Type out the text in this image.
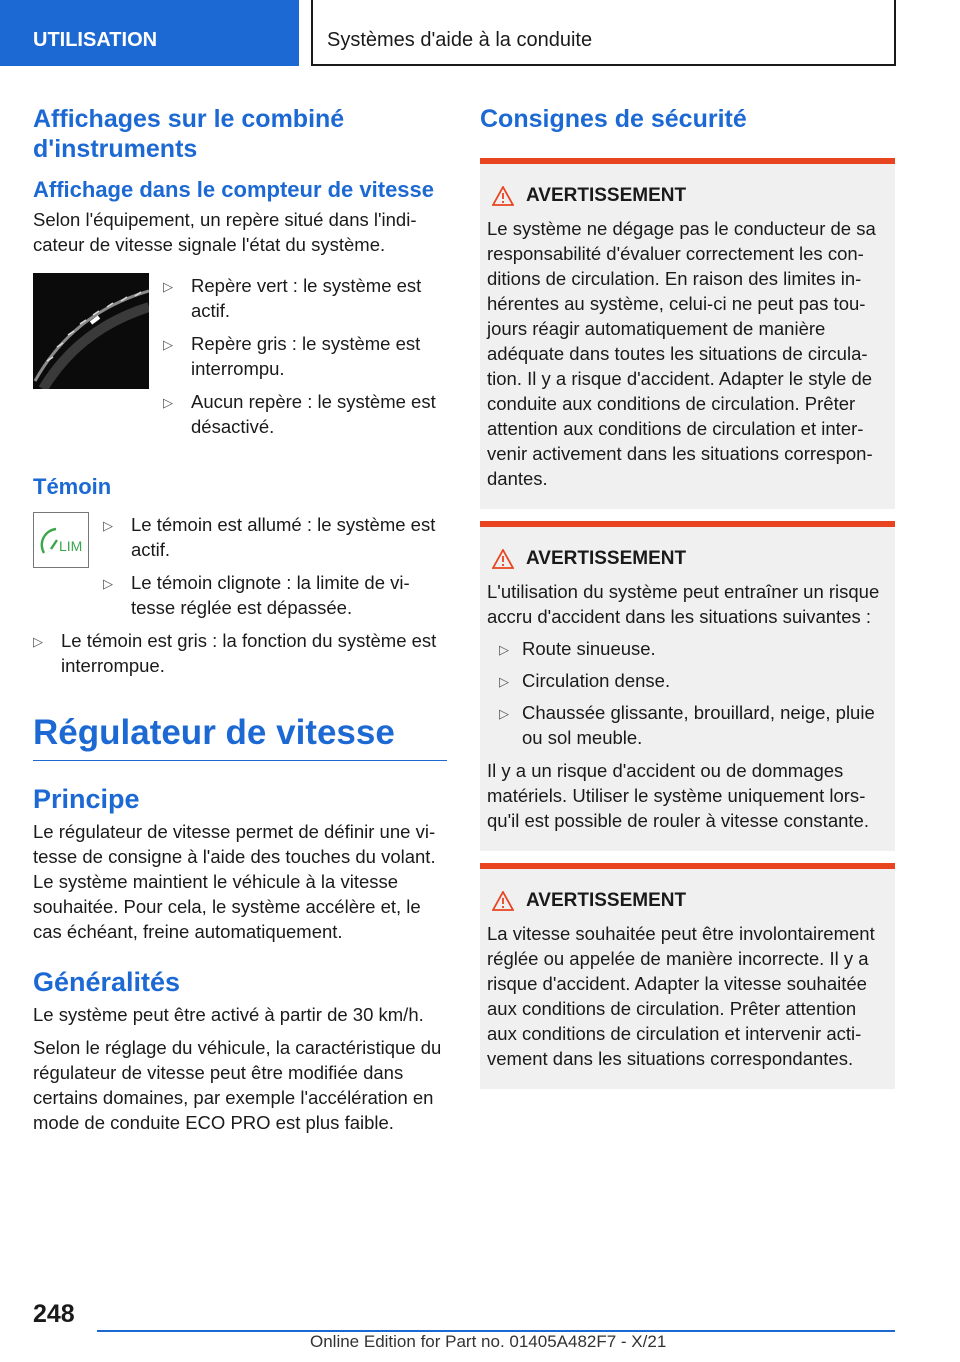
UTILISATION	Systèmes d'aide à la conduite
Affichages sur le combiné d'instruments
Affichage dans le compteur de vitesse
Selon l'équipement, un repère situé dans l'indicateur de vitesse signale l'état du système.
▷ Repère vert : le système est actif.
▷ Repère gris : le système est interrompu.
▷ Aucun repère : le système est désactivé.
Témoin
LIM
▷ Le témoin est allumé : le système est actif.
▷ Le témoin clignote : la limite de vitesse réglée est dépassée.
▷ Le témoin est gris : la fonction du système est interrompue.
Régulateur de vitesse
Principe
Le régulateur de vitesse permet de définir une vitesse de consigne à l'aide des touches du volant. Le système maintient le véhicule à la vitesse souhaitée. Pour cela, le système accélère et, le cas échéant, freine automatiquement.
Généralités
Le système peut être activé à partir de 30 km/h.
Selon le réglage du véhicule, la caractéristique du régulateur de vitesse peut être modifiée dans certains domaines, par exemple l'accélération en mode de conduite ECO PRO est plus faible.
Consignes de sécurité
AVERTISSEMENT
Le système ne dégage pas le conducteur de sa responsabilité d'évaluer correctement les conditions de circulation. En raison des limites inhérentes au système, celui-ci ne peut pas toujours réagir automatiquement de manière adéquate dans toutes les situations de circulation. Il y a risque d'accident. Adapter le style de conduite aux conditions de circulation. Prêter attention aux conditions de circulation et intervenir activement dans les situations correspondantes.
AVERTISSEMENT
L'utilisation du système peut entraîner un risque accru d'accident dans les situations suivantes :
▷ Route sinueuse.
▷ Circulation dense.
▷ Chaussée glissante, brouillard, neige, pluie ou sol meuble.
Il y a un risque d'accident ou de dommages matériels. Utiliser le système uniquement lorsqu'il est possible de rouler à vitesse constante.
AVERTISSEMENT
La vitesse souhaitée peut être involontairement réglée ou appelée de manière incorrecte. Il y a risque d'accident. Adapter la vitesse souhaitée aux conditions de circulation. Prêter attention aux conditions de circulation et intervenir activement dans les situations correspondantes.
248
Online Edition for Part no. 01405A482F7 - X/21
